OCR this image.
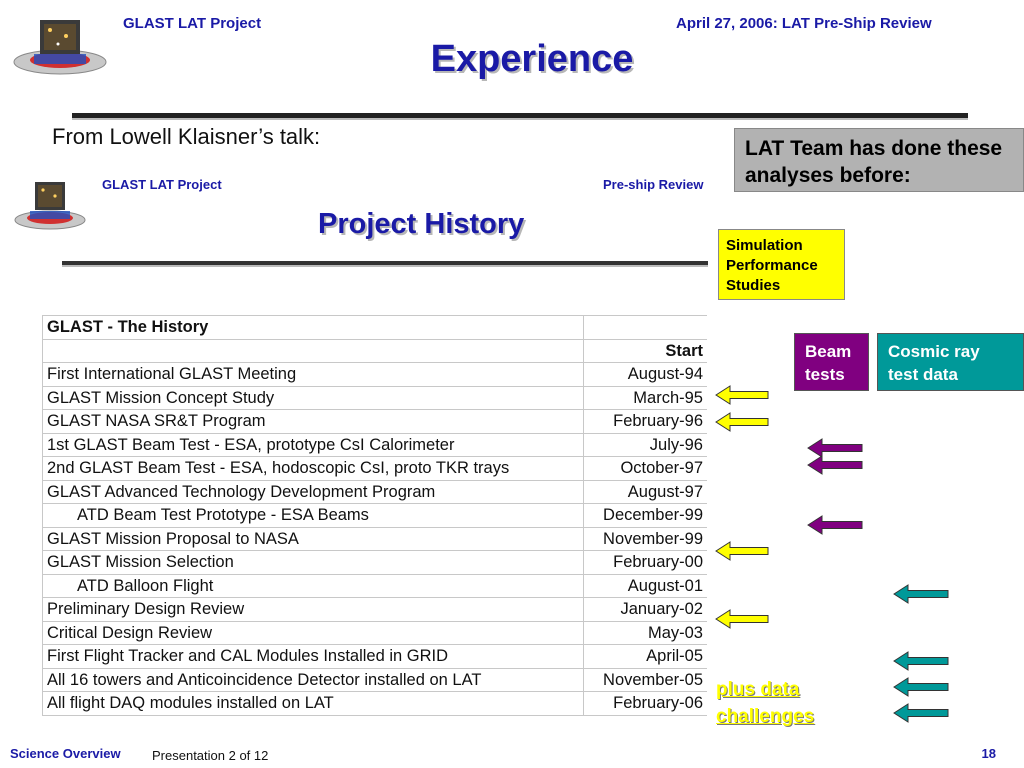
GLAST LAT Project	April 27, 2006: LAT Pre-Ship Review
Experience
From Lowell Klaisner’s talk:
GLAST LAT Project	Pre-ship Review
Project History
GLAST - The History	
	Start
First International GLAST Meeting	August-94
GLAST Mission Concept Study	March-95
GLAST NASA SR&T Program	February-96
1st GLAST Beam Test - ESA, prototype CsI Calorimeter	July-96
2nd GLAST Beam Test - ESA, hodoscopic CsI, proto TKR trays	October-97
GLAST Advanced Technology Development Program	August-97
ATD Beam Test Prototype - ESA Beams	December-99
GLAST Mission Proposal to NASA	November-99
GLAST Mission Selection	February-00
ATD Balloon Flight	August-01
Preliminary Design Review	January-02
Critical Design Review	May-03
First Flight Tracker and CAL Modules Installed in GRID	April-05
All 16 towers and Anticoincidence Detector installed on LAT	November-05
All flight DAQ modules installed on LAT	February-06
LAT Team has done these analyses before:
Simulation Performance Studies
Beam tests
Cosmic ray test data
plus data challenges
Science Overview Presentation 2 of 12	18
